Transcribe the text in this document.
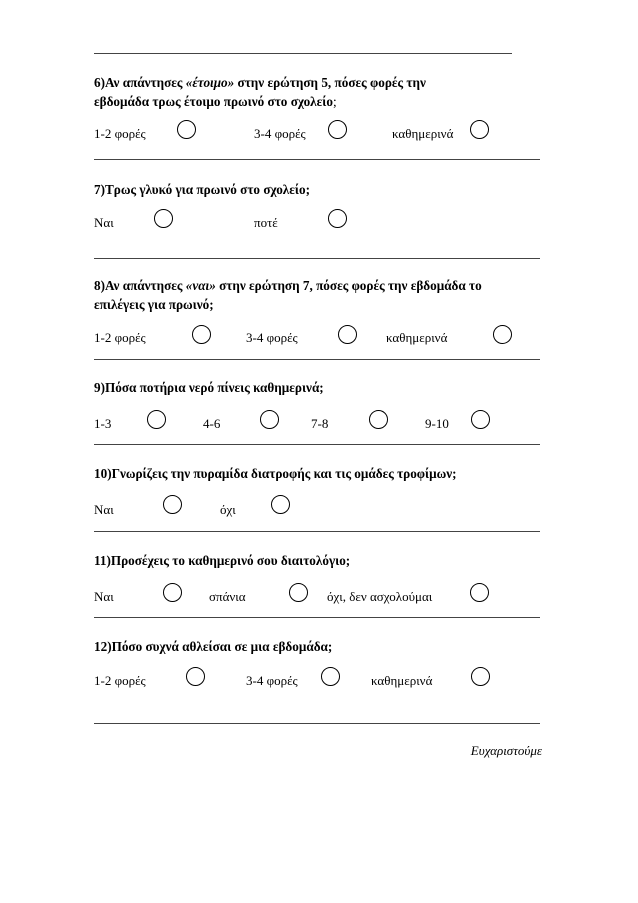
6)Αν απάντησες «έτοιμο» στην ερώτηση 5, πόσες φορές την
εβδομάδα τρως έτοιμο πρωινό στο σχολείο;
1-2 φορές	3-4 φορές	καθημερινά
7)Τρως γλυκό για πρωινό στο σχολείο;
Ναι	ποτέ
8)Αν απάντησες «ναι» στην ερώτηση 7, πόσες φορές την εβδομάδα το
επιλέγεις για πρωινό;
1-2 φορές	3-4 φορές	καθημερινά
9)Πόσα ποτήρια νερό πίνεις καθημερινά;
1-3	4-6	7-8	9-10
10)Γνωρίζεις την πυραμίδα διατροφής και τις ομάδες τροφίμων;
Ναι	όχι
11)Προσέχεις το καθημερινό σου διαιτολόγιο;
Ναι	σπάνια	όχι, δεν ασχολούμαι
12)Πόσο συχνά αθλείσαι σε μια εβδομάδα;
1-2 φορές	3-4 φορές	καθημερινά
Ευχαριστούμε
